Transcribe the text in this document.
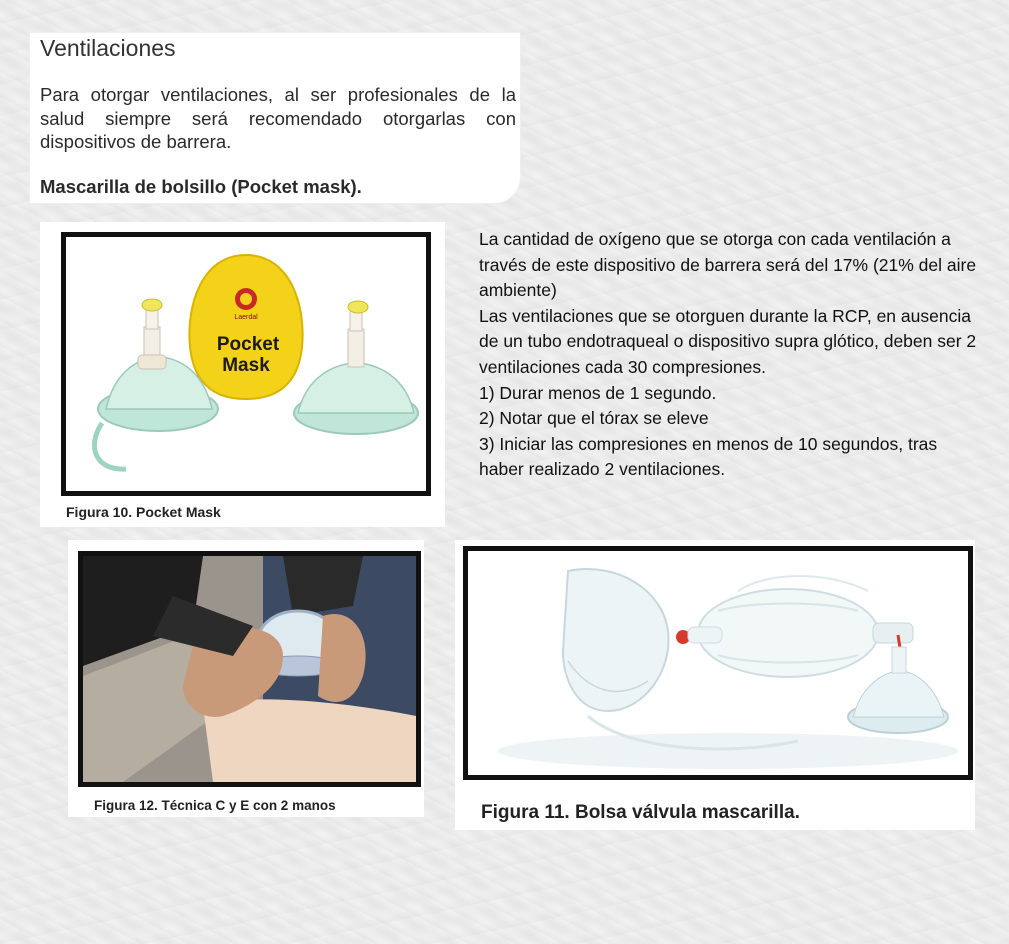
Ventilaciones
Para otorgar ventilaciones, al ser profesionales de la salud siempre será recomendado otorgarlas con dispositivos de barrera.
Mascarilla de bolsillo (Pocket mask).
Laerdal
Pocket
Mask
Figura 10. Pocket Mask

La cantidad de oxígeno que se otorga con cada ventilación a través de este dispositivo de barrera será del 17% (21% del aire ambiente)

Las ventilaciones que se otorguen durante la RCP, en ausencia de un tubo endotraqueal o dispositivo supra glótico, deben ser 2 ventilaciones cada 30 compresiones.

1) Durar menos de 1 segundo.

2) Notar que el tórax se eleve

3) Iniciar las compresiones en menos de 10 segundos, tras haber realizado 2 ventilaciones.

Figura 12. Técnica C y E con 2 manos	Figura 11. Bolsa válvula mascarilla.
